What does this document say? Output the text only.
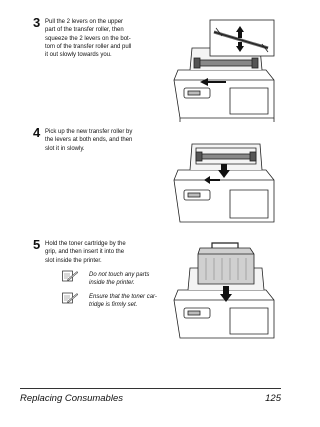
3 Pull the 2 levers on the upper
part of the transfer roller, then
squeeze the 2 levers on the bot-
tom of the transfer roller and pull
it out slowly towards you.
4 Pick up the new transfer roller by
the levers at both ends, and then
slot it in slowly.
5 Hold the toner cartridge by the
grip, and then insert it into the
slot inside the printer.
Do not touch any parts
inside the printer.
Ensure that the toner car-
tridge is firmly set.
Replacing Consumables	125
